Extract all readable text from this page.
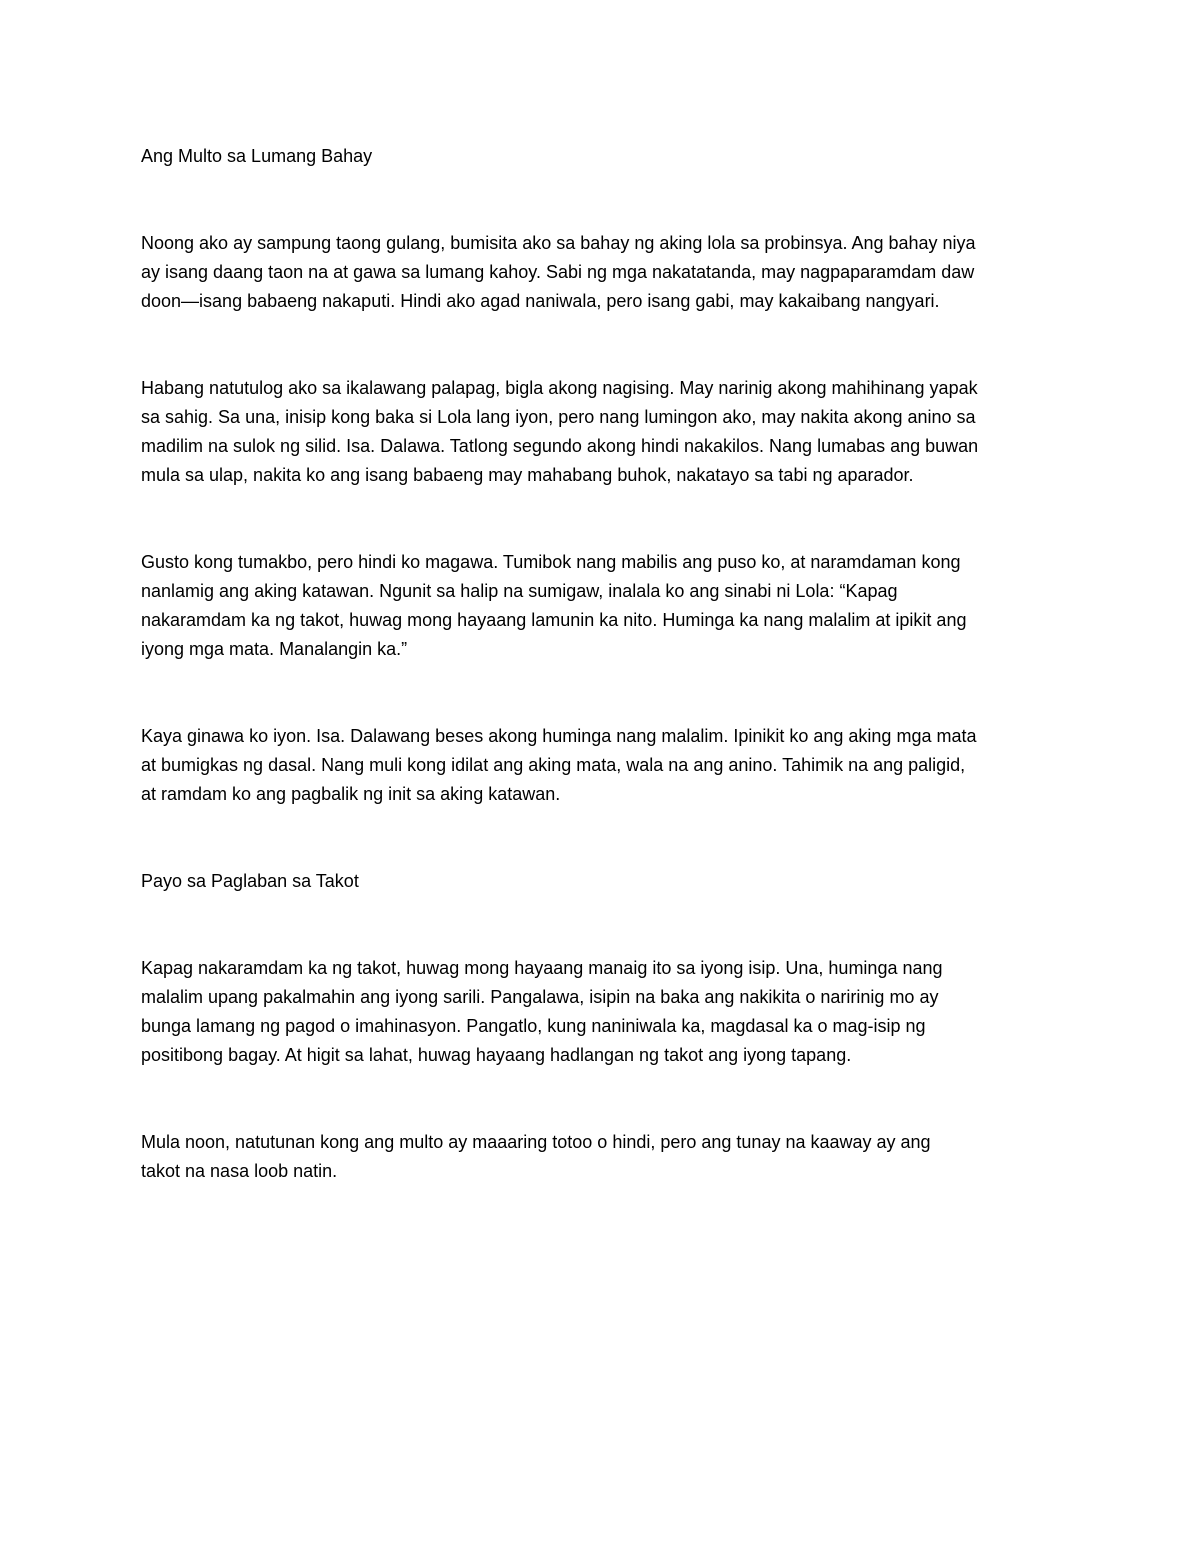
Ang Multo sa Lumang Bahay

Noong ako ay sampung taong gulang, bumisita ako sa bahay ng aking lola sa probinsya. Ang bahay niya

ay isang daang taon na at gawa sa lumang kahoy. Sabi ng mga nakatatanda, may nagpaparamdam daw

doon—isang babaeng nakaputi. Hindi ako agad naniwala, pero isang gabi, may kakaibang nangyari.

Habang natutulog ako sa ikalawang palapag, bigla akong nagising. May narinig akong mahihinang yapak

sa sahig. Sa una, inisip kong baka si Lola lang iyon, pero nang lumingon ako, may nakita akong anino sa

madilim na sulok ng silid. Isa. Dalawa. Tatlong segundo akong hindi nakakilos. Nang lumabas ang buwan

mula sa ulap, nakita ko ang isang babaeng may mahabang buhok, nakatayo sa tabi ng aparador.

Gusto kong tumakbo, pero hindi ko magawa. Tumibok nang mabilis ang puso ko, at naramdaman kong

nanlamig ang aking katawan. Ngunit sa halip na sumigaw, inalala ko ang sinabi ni Lola: “Kapag

nakaramdam ka ng takot, huwag mong hayaang lamunin ka nito. Huminga ka nang malalim at ipikit ang

iyong mga mata. Manalangin ka.”

Kaya ginawa ko iyon. Isa. Dalawang beses akong huminga nang malalim. Ipinikit ko ang aking mga mata

at bumigkas ng dasal. Nang muli kong idilat ang aking mata, wala na ang anino. Tahimik na ang paligid,

at ramdam ko ang pagbalik ng init sa aking katawan.

Payo sa Paglaban sa Takot

Kapag nakaramdam ka ng takot, huwag mong hayaang manaig ito sa iyong isip. Una, huminga nang

malalim upang pakalmahin ang iyong sarili. Pangalawa, isipin na baka ang nakikita o naririnig mo ay

bunga lamang ng pagod o imahinasyon. Pangatlo, kung naniniwala ka, magdasal ka o mag-isip ng

positibong bagay. At higit sa lahat, huwag hayaang hadlangan ng takot ang iyong tapang.

Mula noon, natutunan kong ang multo ay maaaring totoo o hindi, pero ang tunay na kaaway ay ang

takot na nasa loob natin.
